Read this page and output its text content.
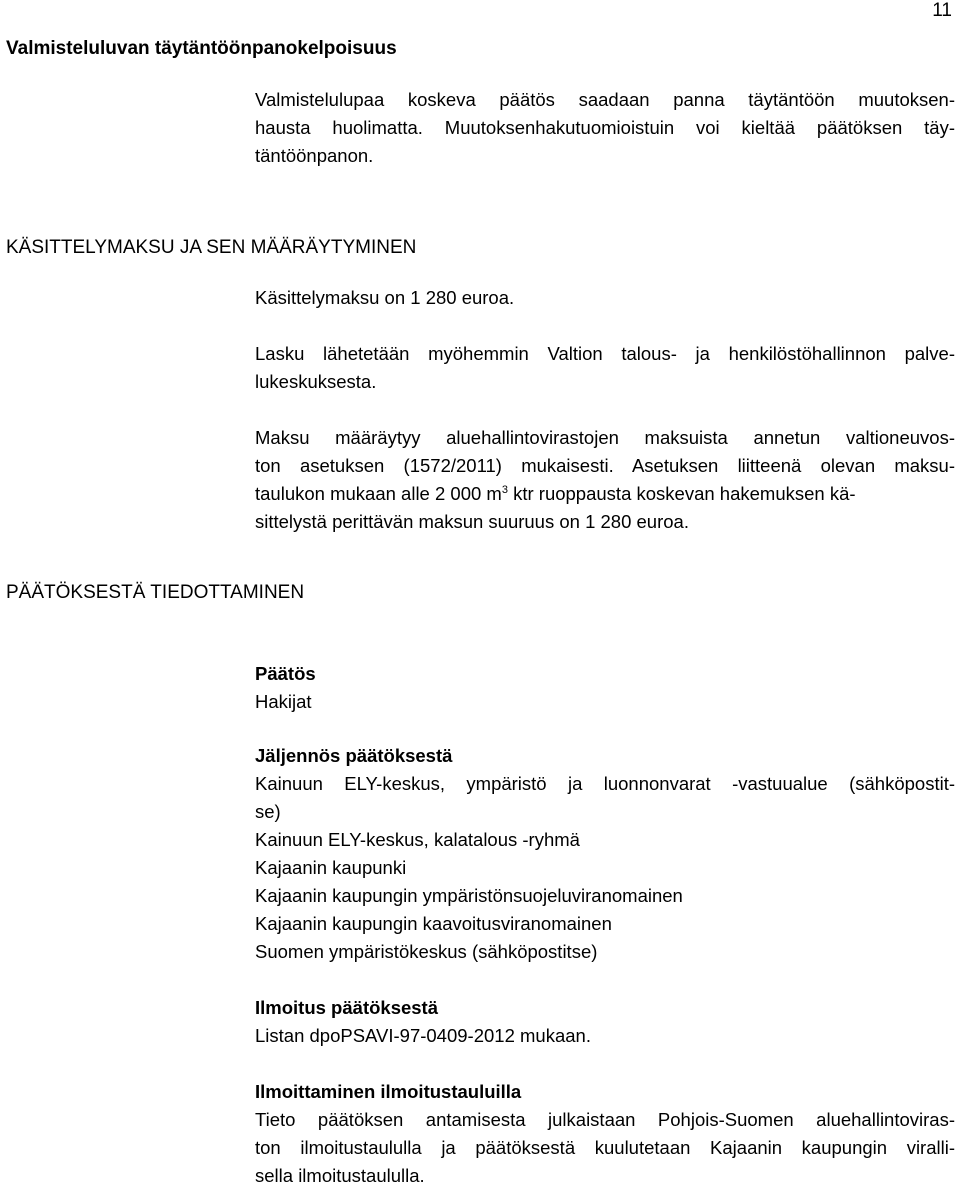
11
Valmisteluluvan täytäntöönpanokelpoisuus
Valmistelulupaa koskeva päätös saadaan panna täytäntöön muutoksen-
hausta huolimatta. Muutoksenhakutuomioistuin voi kieltää päätöksen täy-
täntöönpanon.
KÄSITTELYMAKSU JA SEN MÄÄRÄYTYMINEN
Käsittelymaksu on 1 280 euroa.
Lasku lähetetään myöhemmin Valtion talous- ja henkilöstöhallinnon palve-
lukeskuksesta.
Maksu määräytyy aluehallintovirastojen maksuista annetun valtioneuvos-
ton asetuksen (1572/2011) mukaisesti. Asetuksen liitteenä olevan maksu-
taulukon mukaan alle 2 000 $m^3$ ktr ruoppausta koskevan hakemuksen kä-
sittelystä perittävän maksun suuruus on 1 280 euroa.
PÄÄTÖKSESTÄ TIEDOTTAMINEN
Päätös
Hakijat
Jäljennös päätöksestä
Kainuun ELY-keskus, ympäristö ja luonnonvarat -vastuualue (sähköpostit-
se)
Kainuun ELY-keskus, kalatalous -ryhmä
Kajaanin kaupunki
Kajaanin kaupungin ympäristönsuojeluviranomainen
Kajaanin kaupungin kaavoitusviranomainen
Suomen ympäristökeskus (sähköpostitse)
Ilmoitus päätöksestä
Listan dpoPSAVI-97-0409-2012 mukaan.
Ilmoittaminen ilmoitustauluilla
Tieto päätöksen antamisesta julkaistaan Pohjois-Suomen aluehallintoviras-
ton ilmoitustaululla ja päätöksestä kuulutetaan Kajaanin kaupungin viralli-
sella ilmoitustaululla.
